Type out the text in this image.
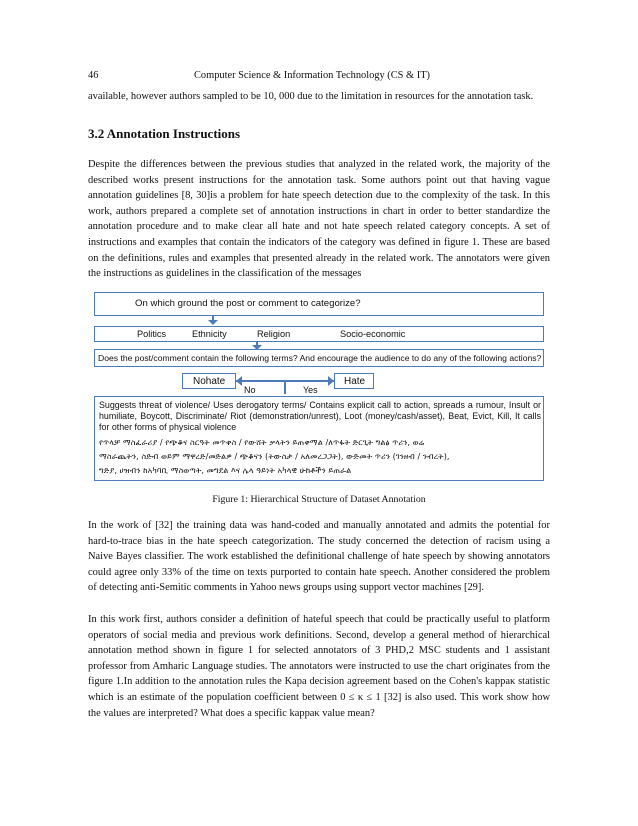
46	Computer Science & Information Technology (CS & IT)

available, however authors sampled to be 10, 000 due to the limitation in resources for the annotation task.

3.2 Annotation Instructions

Despite the differences between the previous studies that analyzed in the related work, the majority of the described works present instructions for the annotation task. Some authors point out that having vague annotation guidelines [8, 30]is a problem for hate speech detection due to the complexity of the task. In this work, authors prepared a complete set of annotation instructions in chart in order to better standardize the annotation procedure and to make clear all hate and not hate speech related category concepts. A set of instructions and examples that contain the indicators of the category was defined in figure 1. These are based on the definitions, rules and examples that presented already in the related work. The annotators were given the instructions as guidelines in the classification of the messages

On which ground the post or comment to categorize?
Politics	Ethnicity	Religion	Socio-economic
Does the post/comment contain the following terms? And encourage the audience to do any of the following actions?
Nohate	Hate
No	Yes
Suggests threat of violence/ Uses derogatory terms/ Contains explicit call to action, spreads a rumour, Insult or humiliate, Boycott, Discriminate/ Riot (demonstration/unrest), Loot (money/cash/asset), Beat, Evict, Kill, It calls for other forms of physical violence
የጥላቻ ማስፈራሪያ / የጭቆና ስርዓት መጥቀስ / የውሸት ቃላትን ይጠቀማል /ለጥፋት ድርጊት ግልፅ ጥሪን, ወሬ
ማስራጨትን, ስድብ ወይም ማዋረድ/መድልዎ / ጭቆናን (ትውስታ / አለመረጋጋት), ውድመት ጥሪን (ገንዘብ / ንብረት),
ግድያ, ሀዝብን ከአካባቢ ማስወጣት, መግደል እና ሌላ ዓይነት አካላዊ ሁከቶችን ይጠራል
Figure 1: Hierarchical Structure of Dataset Annotation

In the work of [32] the training data was hand-coded and manually annotated and admits the potential for hard-to-trace bias in the hate speech categorization. The study concerned the detection of racism using a Naive Bayes classifier. The work established the definitional challenge of hate speech by showing annotators could agree only 33% of the time on texts purported to contain hate speech. Another considered the problem of detecting anti-Semitic comments in Yahoo news groups using support vector machines [29].

In this work first, authors consider a definition of hateful speech that could be practically useful to platform operators of social media and previous work definitions. Second, develop a general method of hierarchical annotation method shown in figure 1 for selected annotators of 3 PHD,2 MSC students and 1 assistant professor from Amharic Language studies. The annotators were instructed to use the chart originates from the figure 1.In addition to the annotation rules the Kapa decision agreement based on the Cohen's kappaκ statistic which is an estimate of the population coefficient between 0 ≤ κ ≤ 1 [32] is also used. This work show how the values are interpreted? What does a specific kappaκ value mean?
